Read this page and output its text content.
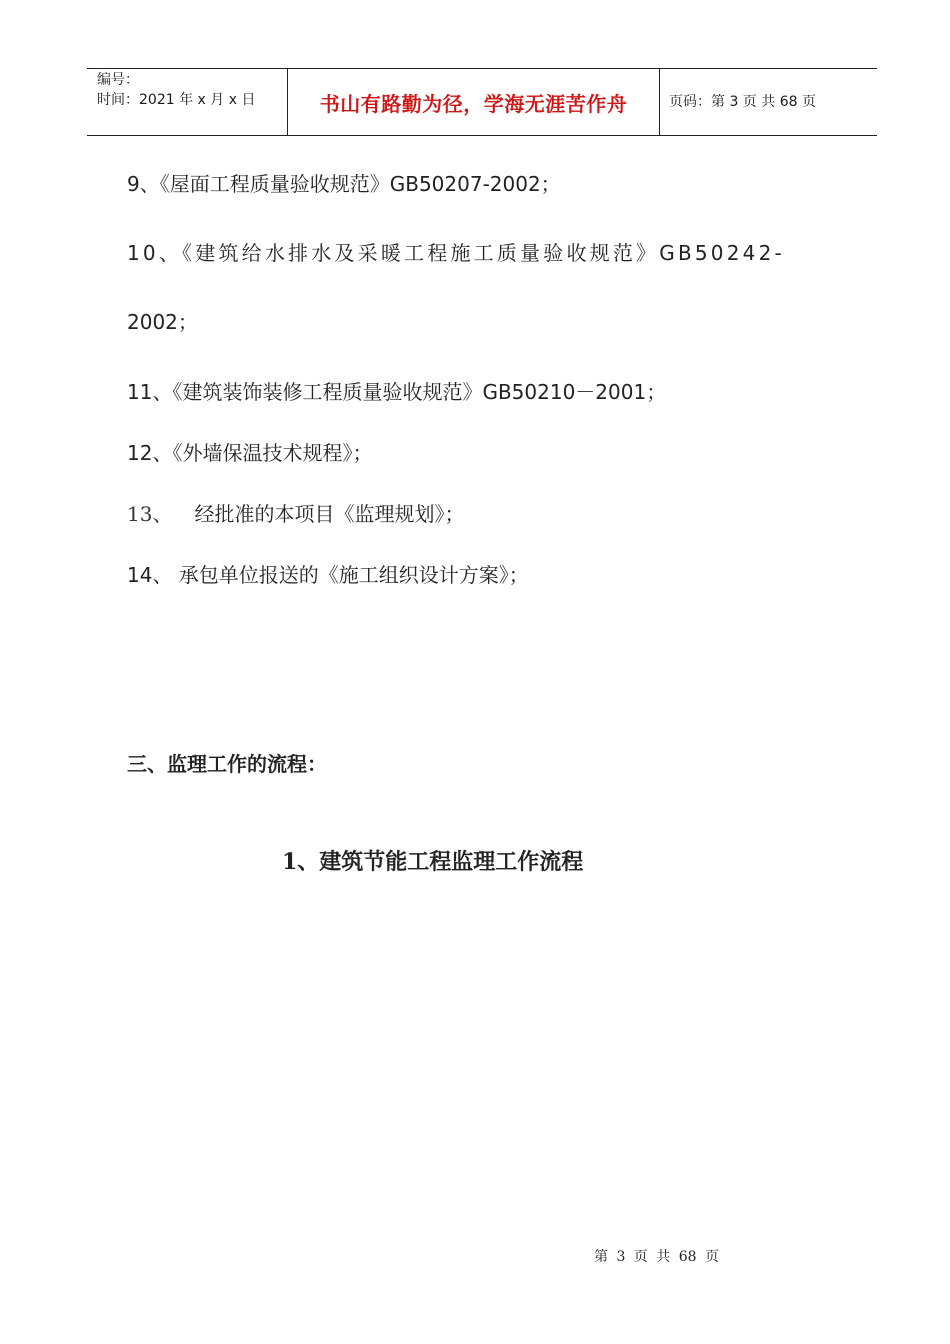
编号：
时间：2021 年 x 月 x 日	书山有路勤为径，学海无涯苦作舟	页码：第 3 页 共 68 页
9、《屋面工程质量验收规范》GB50207-2002；
10、《建筑给水排水及采暖工程施工质量验收规范》GB50242-
2002；
11、《建筑装饰装修工程质量验收规范》GB50210－2001；
12、《外墙保温技术规程》；
13、 经批准的本项目《监理规划》；
14、 承包单位报送的《施工组织设计方案》；
三、监理工作的流程：
1、建筑节能工程监理工作流程
第 3 页 共 68 页
